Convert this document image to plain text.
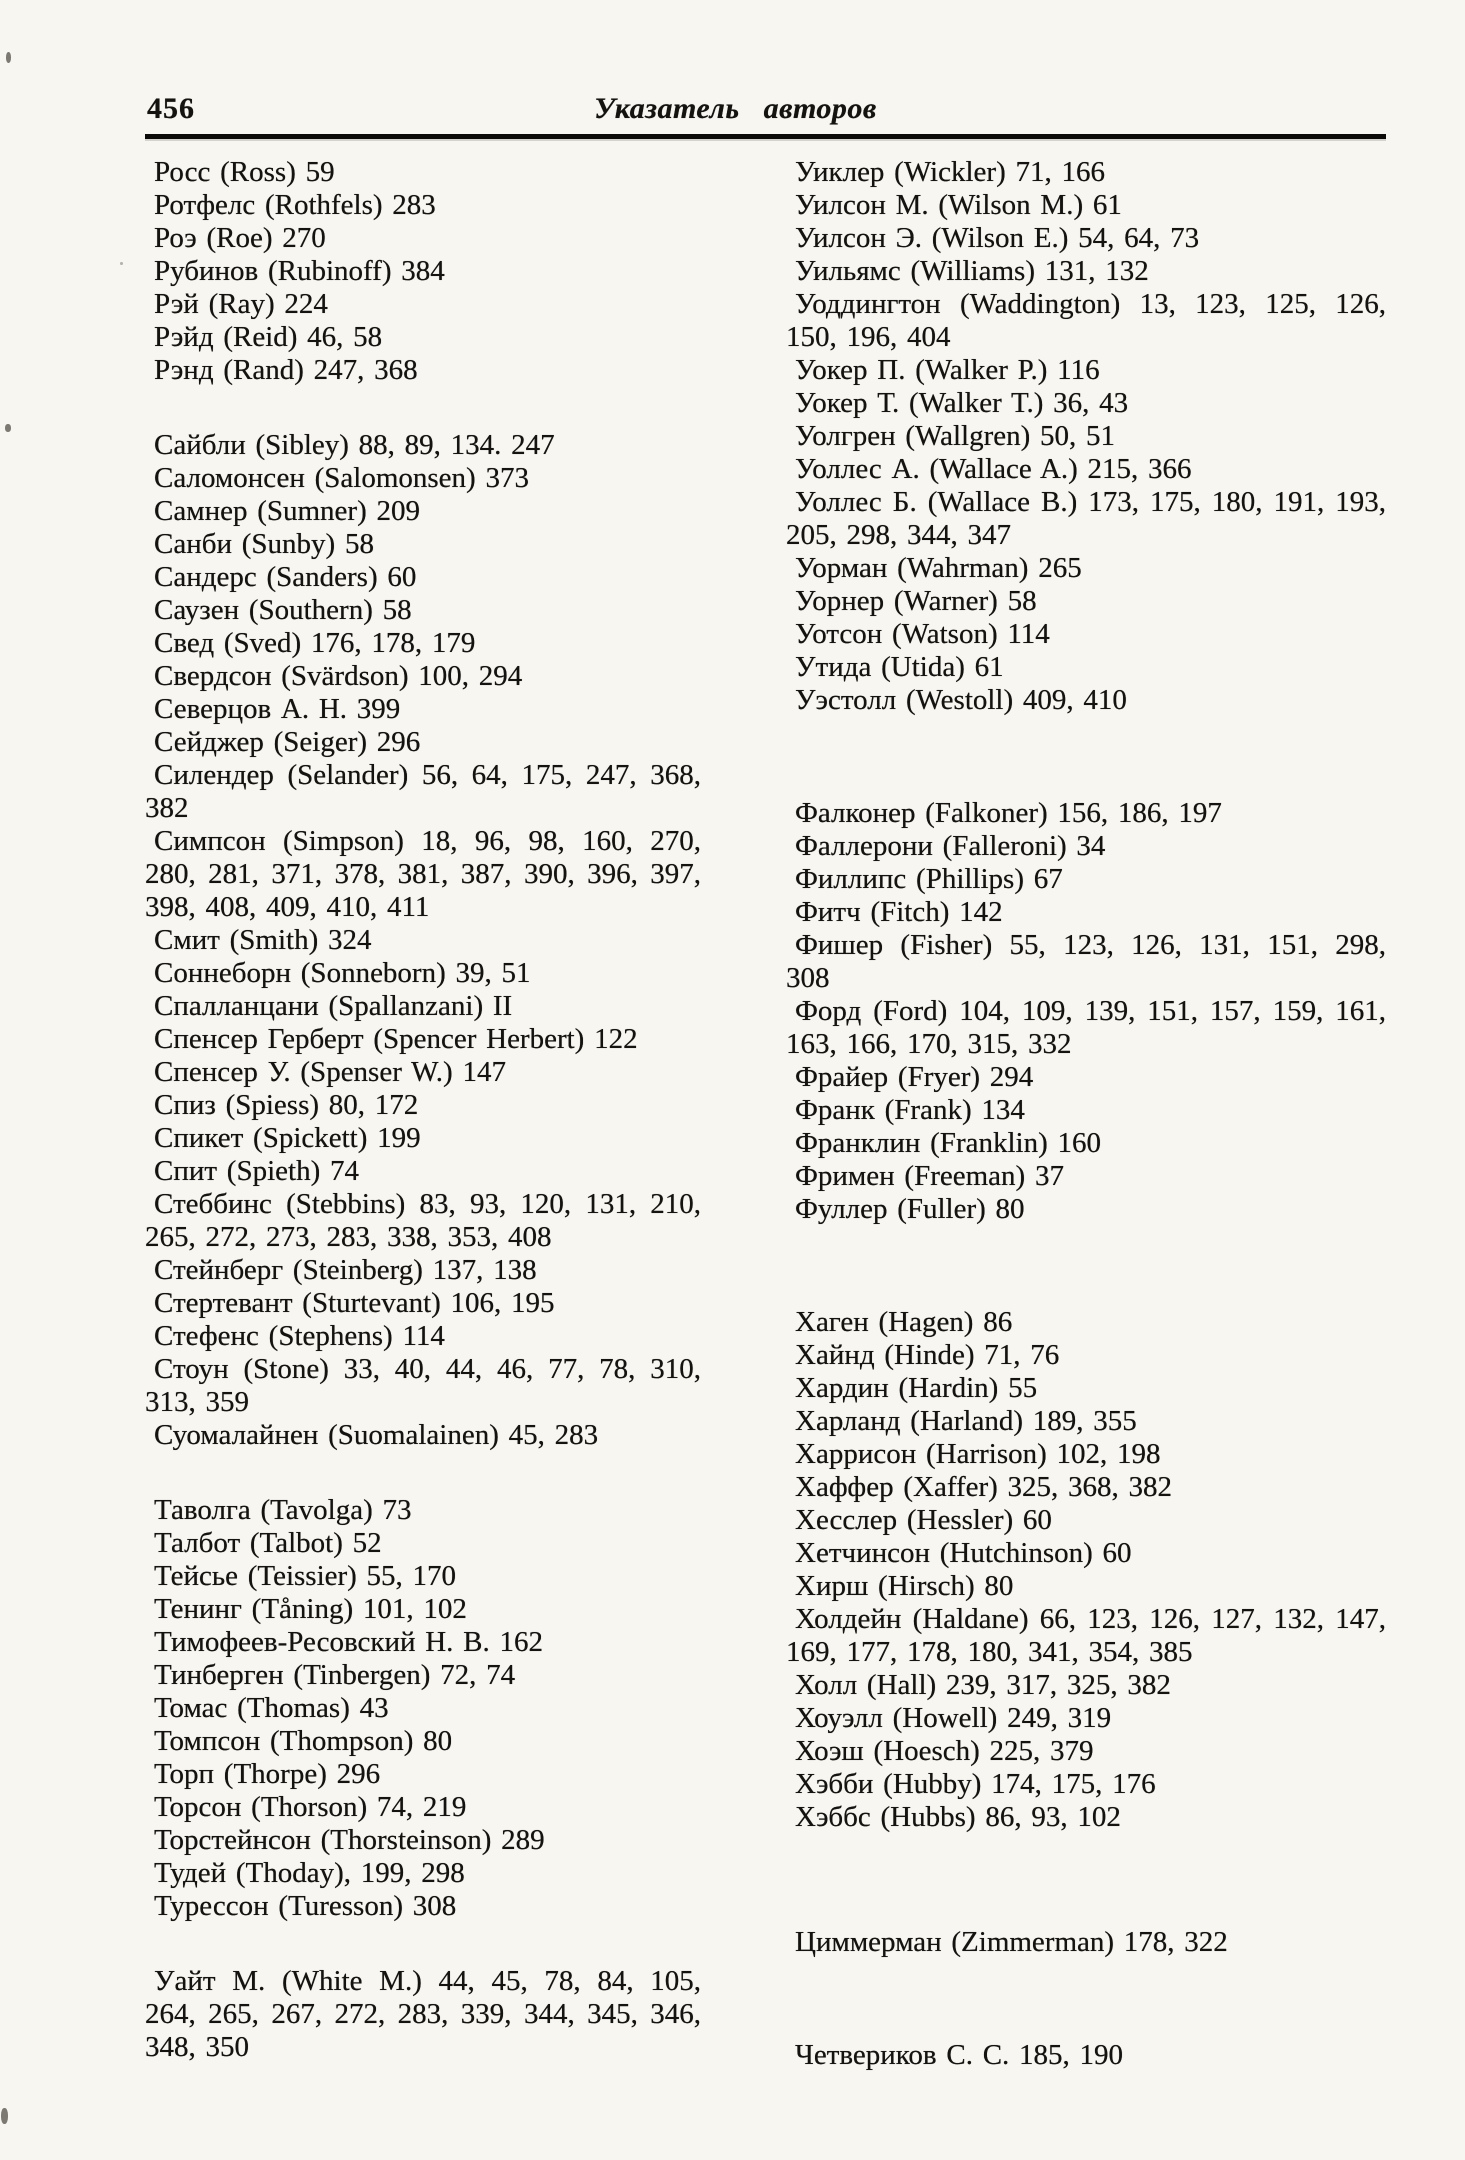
456	Указатель авторов

Росс (Ross) 59

Ротфелс (Rothfels) 283

Роэ (Roe) 270

Рубинов (Rubinoff) 384

Рэй (Ray) 224

Рэйд (Reid) 46, 58

Рэнд (Rand) 247, 368

Сайбли (Sibley) 88, 89, 134. 247

Саломонсен (Salomonsen) 373

Самнер (Sumner) 209

Санби (Sunby) 58

Сандерс (Sanders) 60

Саузен (Southern) 58

Свед (Sved) 176, 178, 179

Свердсон (Svärdson) 100, 294

Северцов А. Н. 399

Сейджер (Seiger) 296

Силендер (Selander) 56, 64, 175, 247, 368, 382

Симпсон (Simpson) 18, 96, 98, 160, 270, 280, 281, 371, 378, 381, 387, 390, 396, 397, 398, 408, 409, 410, 411

Смит (Smith) 324

Соннеборн (Sonneborn) 39, 51

Спалланцани (Spallanzani) II

Спенсер Герберт (Spencer Herbert) 122

Спенсер У. (Spenser W.) 147

Спиз (Spiess) 80, 172

Спикет (Spickett) 199

Спит (Spieth) 74

Стеббинс (Stebbins) 83, 93, 120, 131, 210, 265, 272, 273, 283, 338, 353, 408

Стейнберг (Steinberg) 137, 138

Стертевант (Sturtevant) 106, 195

Стефенс (Stephens) 114

Стоун (Stone) 33, 40, 44, 46, 77, 78, 310, 313, 359

Суомалайнен (Suomalainen) 45, 283

Таволга (Tavolga) 73

Талбот (Talbot) 52

Тейсье (Teissier) 55, 170

Тенинг (Tåning) 101, 102

Тимофеев-Ресовский Н. В. 162

Тинберген (Tinbergen) 72, 74

Томас (Thomas) 43

Томпсон (Thompson) 80

Торп (Thorpe) 296

Торсон (Thorson) 74, 219

Торстейнсон (Thorsteinson) 289

Тудей (Thoday), 199, 298

Турессон (Turesson) 308

Уайт М. (White M.) 44, 45, 78, 84, 105, 264, 265, 267, 272, 283, 339, 344, 345, 346, 348, 350

Уиклер (Wickler) 71, 166

Уилсон М. (Wilson M.) 61

Уилсон Э. (Wilson E.) 54, 64, 73

Уильямс (Williams) 131, 132

Уоддингтон (Waddington) 13, 123, 125, 126, 150, 196, 404

Уокер П. (Walker P.) 116

Уокер Т. (Walker T.) 36, 43

Уолгрен (Wallgren) 50, 51

Уоллес А. (Wallace A.) 215, 366

Уоллес Б. (Wallace B.) 173, 175, 180, 191, 193, 205, 298, 344, 347

Уорман (Wahrman) 265

Уорнер (Warner) 58

Уотсон (Watson) 114

Утида (Utida) 61

Уэстолл (Westoll) 409, 410

Фалконер (Falkoner) 156, 186, 197

Фаллерони (Falleroni) 34

Филлипс (Phillips) 67

Фитч (Fitch) 142

Фишер (Fisher) 55, 123, 126, 131, 151, 298, 308

Форд (Ford) 104, 109, 139, 151, 157, 159, 161, 163, 166, 170, 315, 332

Фрайер (Fryer) 294

Франк (Frank) 134

Франклин (Franklin) 160

Фримен (Freeman) 37

Фуллер (Fuller) 80

Хаген (Hagen) 86

Хайнд (Hinde) 71, 76

Хардин (Hardin) 55

Харланд (Harland) 189, 355

Харрисон (Harrison) 102, 198

Хаффер (Xaffer) 325, 368, 382

Хесслер (Hessler) 60

Хетчинсон (Hutchinson) 60

Хирш (Hirsch) 80

Холдейн (Haldane) 66, 123, 126, 127, 132, 147, 169, 177, 178, 180, 341, 354, 385

Холл (Hall) 239, 317, 325, 382

Хоуэлл (Howell) 249, 319

Хоэш (Hoesch) 225, 379

Хэбби (Hubby) 174, 175, 176

Хэббс (Hubbs) 86, 93, 102

Циммерман (Zimmerman) 178, 322

Четвериков С. С. 185, 190
